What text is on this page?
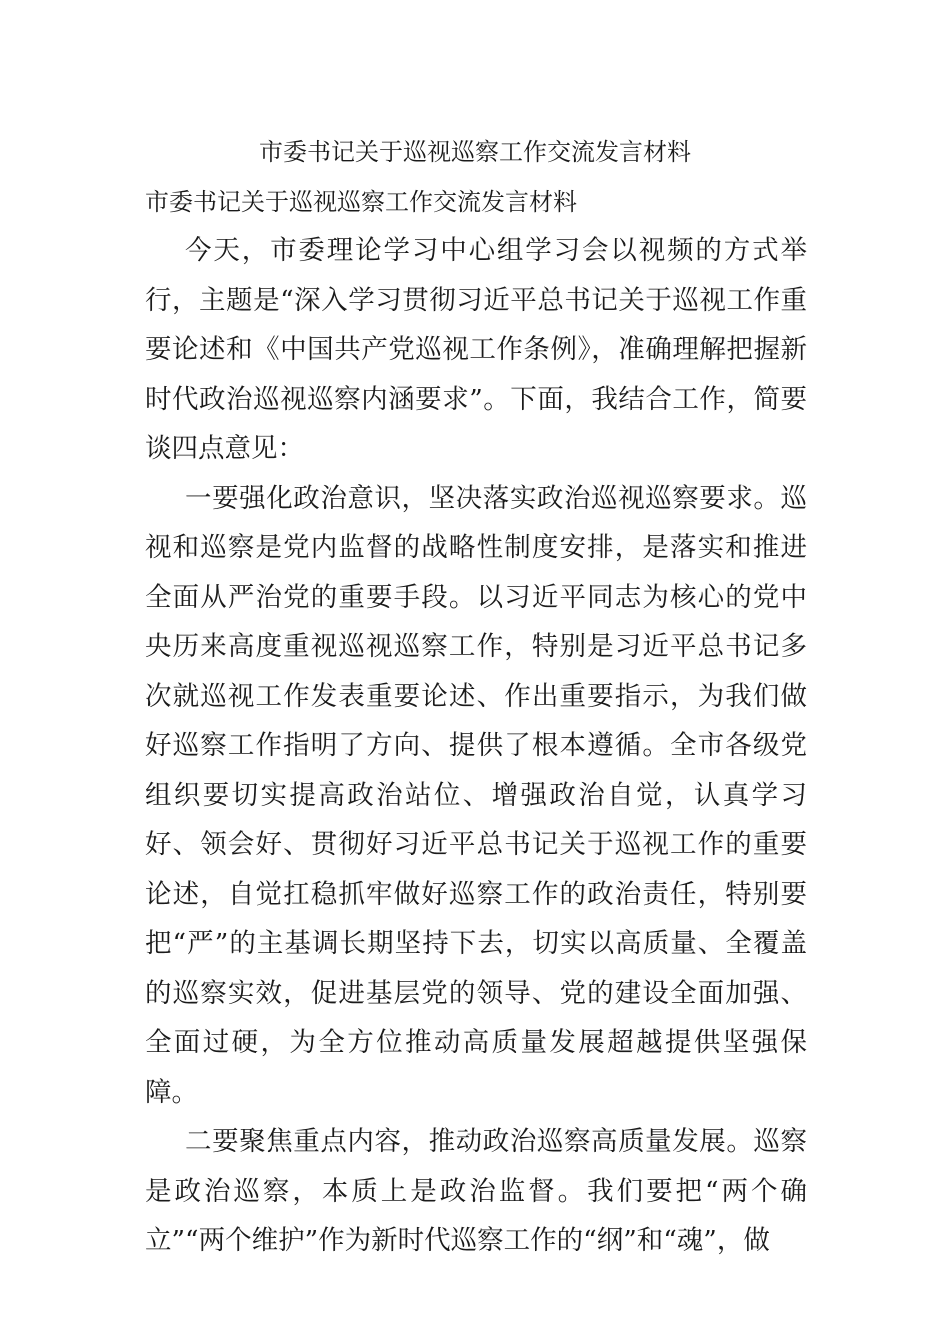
市委书记关于巡视巡察工作交流发言材料
市委书记关于巡视巡察工作交流发言材料

今天，市委理论学习中心组学习会以视频的方式举行，主题是“深入学习贯彻习近平总书记关于巡视工作重要论述和《中国共产党巡视工作条例》，准确理解把握新时代政治巡视巡察内涵要求”。下面，我结合工作，简要谈四点意见：

一要强化政治意识，坚决落实政治巡视巡察要求。巡视和巡察是党内监督的战略性制度安排，是落实和推进全面从严治党的重要手段。以习近平同志为核心的党中央历来高度重视巡视巡察工作，特别是习近平总书记多次就巡视工作发表重要论述、作出重要指示，为我们做好巡察工作指明了方向、提供了根本遵循。全市各级党组织要切实提高政治站位、增强政治自觉，认真学习好、领会好、贯彻好习近平总书记关于巡视工作的重要论述，自觉扛稳抓牢做好巡察工作的政治责任，特别要把“严”的主基调长期坚持下去，切实以高质量、全覆盖的巡察实效，促进基层党的领导、党的建设全面加强、全面过硬，为全方位推动高质量发展超越提供坚强保障。

二要聚焦重点内容，推动政治巡察高质量发展。巡察是政治巡察，本质上是政治监督。我们要把“两个确立”“两个维护”作为新时代巡察工作的“纲”和“魂”，做
